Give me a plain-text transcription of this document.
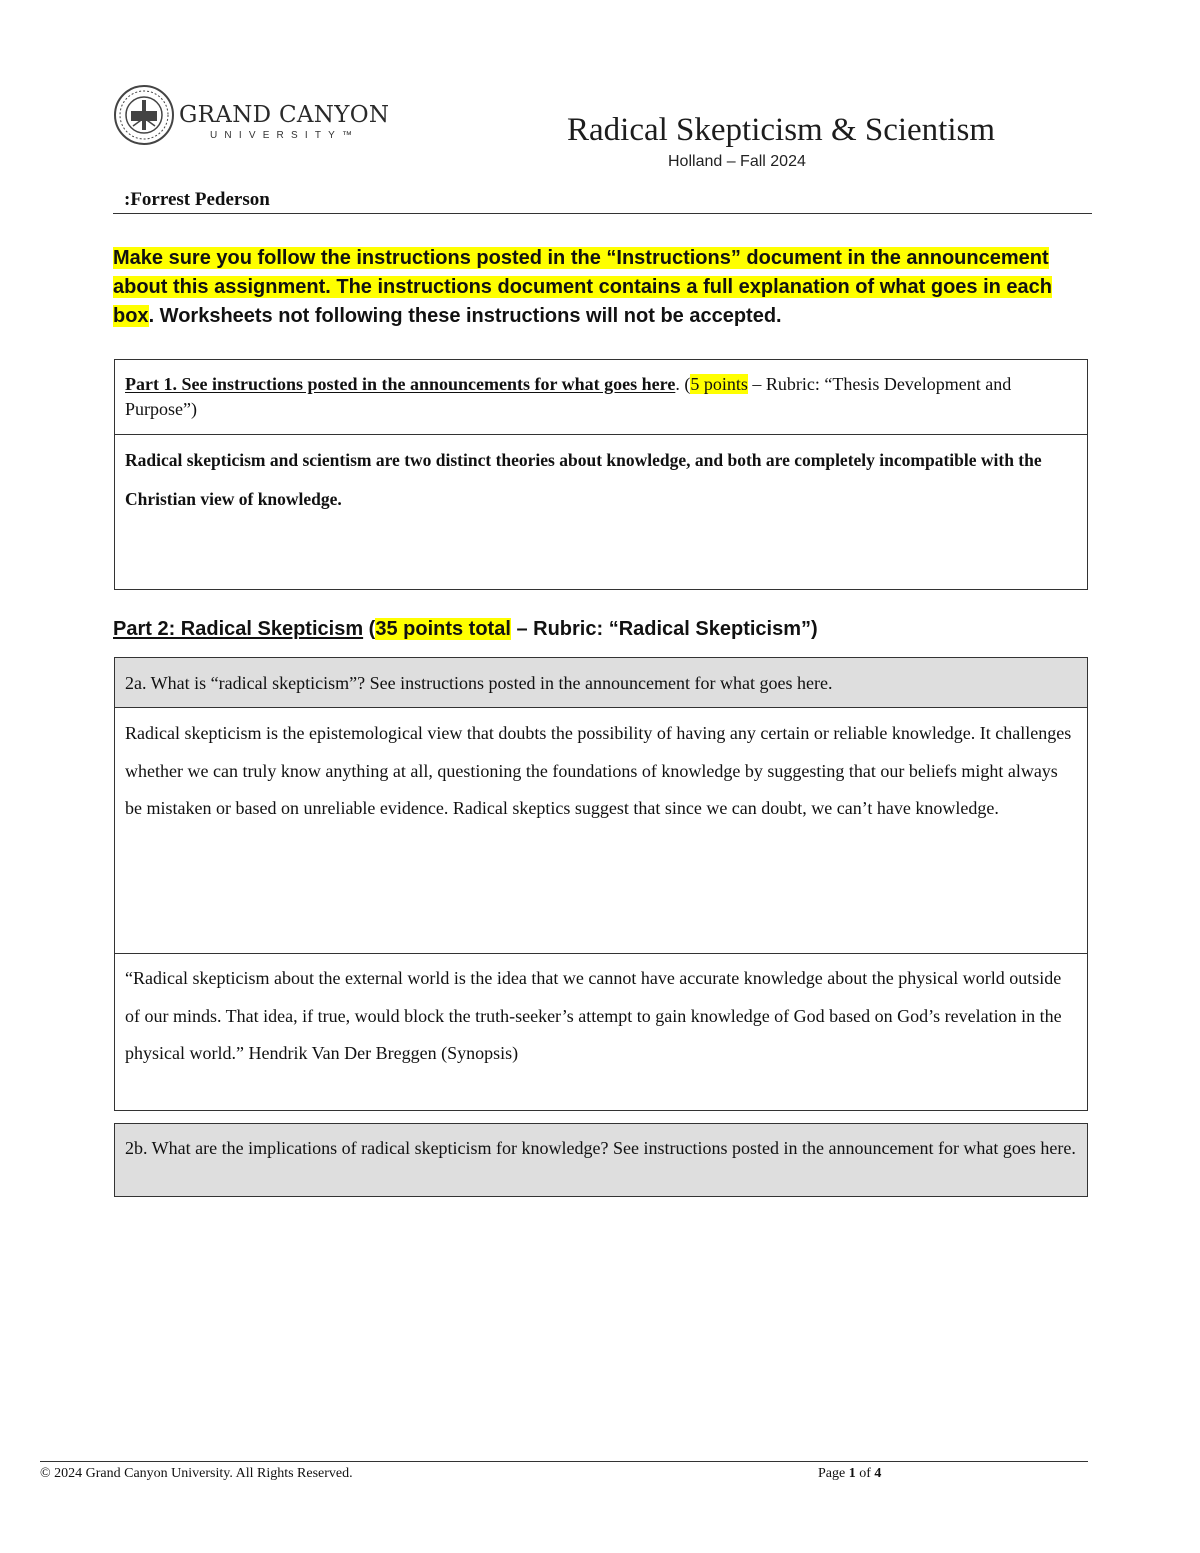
GRAND CANYON
UNIVERSITY™	Radical Skepticism & Scientism
Holland – Fall 2024
:Forrest Pederson
Make sure you follow the instructions posted in the “Instructions” document in the announcement about this assignment. The instructions document contains a full explanation of what goes in each box. Worksheets not following these instructions will not be accepted.
Part 1. See instructions posted in the announcements for what goes here. (5 points – Rubric: “Thesis Development and Purpose”)
Radical skepticism and scientism are two distinct theories about knowledge, and both are completely incompatible with the Christian view of knowledge.
Part 2: Radical Skepticism (35 points total – Rubric: “Radical Skepticism”)
2a. What is “radical skepticism”? See instructions posted in the announcement for what goes here.
Radical skepticism is the epistemological view that doubts the possibility of having any certain or reliable knowledge. It challenges whether we can truly know anything at all, questioning the foundations of knowledge by suggesting that our beliefs might always be mistaken or based on unreliable evidence. Radical skeptics suggest that since we can doubt, we can’t have knowledge.
“Radical skepticism about the external world is the idea that we cannot have accurate knowledge about the physical world outside of our minds. That idea, if true, would block the truth-seeker’s attempt to gain knowledge of God based on God’s revelation in the physical world.” Hendrik Van Der Breggen (Synopsis)
2b. What are the implications of radical skepticism for knowledge? See instructions posted in the announcement for what goes here.
© 2024 Grand Canyon University. All Rights Reserved.	Page 1 of 4
